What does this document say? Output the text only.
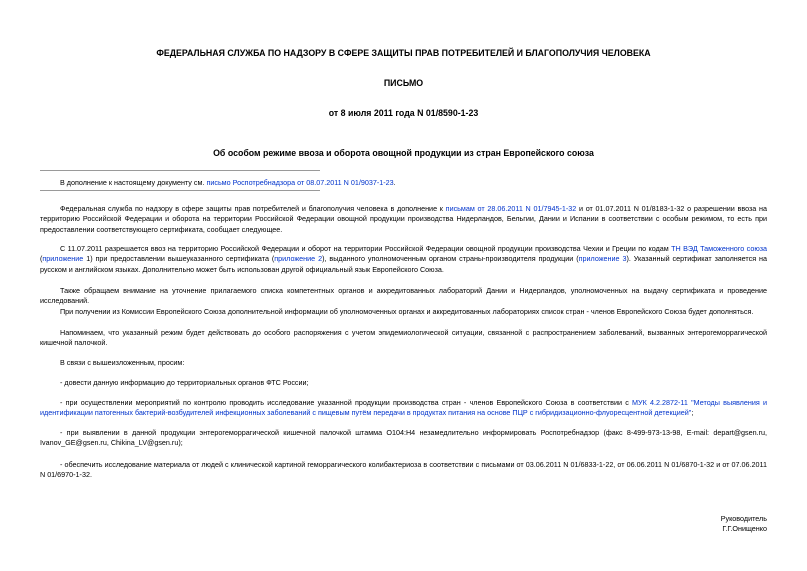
ФЕДЕРАЛЬНАЯ СЛУЖБА ПО НАДЗОРУ В СФЕРЕ ЗАЩИТЫ ПРАВ ПОТРЕБИТЕЛЕЙ И БЛАГОПОЛУЧИЯ ЧЕЛОВЕКА
ПИСЬМО
от 8 июля 2011 года N 01/8590-1-23
Об особом режиме ввоза и оборота овощной продукции из стран Европейского союза
В дополнение к настоящему документу см. письмо Роспотребнадзора от 08.07.2011 N 01/9037-1-23.

Федеральная служба по надзору в сфере защиты прав потребителей и благополучия человека в дополнение к письмам от 28.06.2011 N 01/7945-1-32 и от 01.07.2011 N 01/8183-1-32 о разрешении ввоза на территорию Российской Федерации и оборота на территории Российской Федерации овощной продукции производства Нидерландов, Бельгии, Дании и Испании в соответствии с особым режимом, то есть при предоставлении соответствующего сертификата, сообщает следующее.

С 11.07.2011 разрешается ввоз на территорию Российской Федерации и оборот на территории Российской Федерации овощной продукции производства Чехии и Греции по кодам ТН ВЭД Таможенного союза (приложение 1) при предоставлении вышеуказанного сертификата (приложение 2), выданного уполномоченным органом страны-производителя продукции (приложение 3). Указанный сертификат заполняется на русском и английском языках. Дополнительно может быть использован другой официальный язык Европейского Союза.

Также обращаем внимание на уточнение прилагаемого списка компетентных органов и аккредитованных лабораторий Дании и Нидерландов, уполномоченных на выдачу сертификата и проведение исследований.

При получении из Комиссии Европейского Союза дополнительной информации об уполномоченных органах и аккредитованных лабораториях список стран - членов Европейского Союза будет дополняться.

Напоминаем, что указанный режим будет действовать до особого распоряжения с учетом эпидемиологической ситуации, связанной с распространением заболеваний, вызванных энтерогеморрагической кишечной палочкой.

В связи с вышеизложенным, просим:

- довести данную информацию до территориальных органов ФТС России;

- при осуществлении мероприятий по контролю проводить исследование указанной продукции производства стран - членов Европейского Союза в соответствии с МУК 4.2.2872-11 "Методы выявления и идентификации патогенных бактерий-возбудителей инфекционных заболеваний с пищевым путём передачи в продуктах питания на основе ПЦР с гибридизационно-флуоресцентной детекцией";

- при выявлении в данной продукции энтерогеморрагической кишечной палочкой штамма О104:Н4 незамедлительно информировать Роспотребнадзор (факс 8-499-973-13-98, E-mail: depart@gsen.ru, Ivanov_GE@gsen.ru, Chikina_LV@gsen.ru);

- обеспечить исследование материала от людей с клинической картиной геморрагического колибактериоза в соответствии с письмами от 03.06.2011 N 01/6833-1-22, от 06.06.2011 N 01/6870-1-32 и от 07.06.2011 N 01/6970-1-32.

Руководитель
Г.Г.Онищенко
